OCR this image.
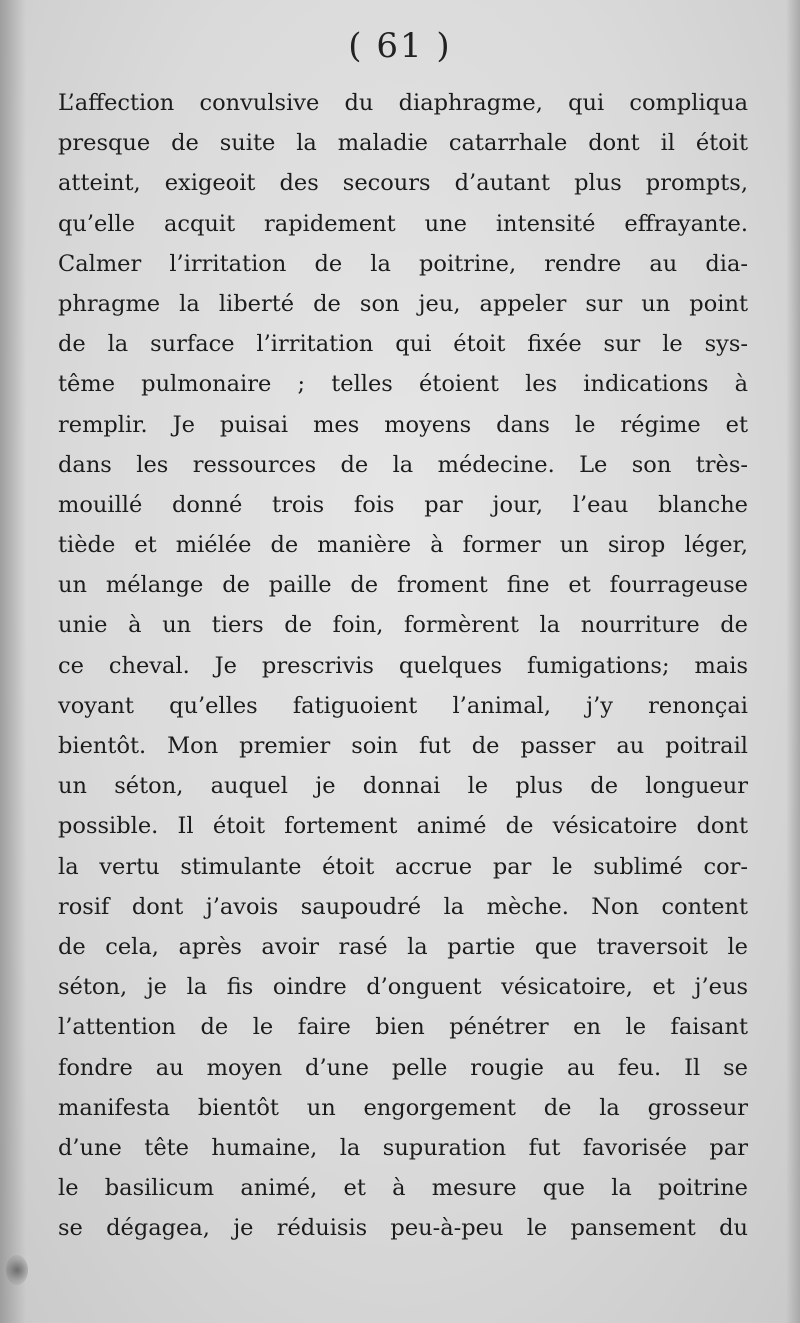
( 61 )
L’affection convulsive du diaphragme, qui compliqua
presque de suite la maladie catarrhale dont il étoit
atteint, exigeoit des secours d’autant plus prompts,
qu’elle acquit rapidement une intensité effrayante.
Calmer l’irritation de la poitrine, rendre au dia-
phragme la liberté de son jeu, appeler sur un point
de la surface l’irritation qui étoit fixée sur le sys-
tême pulmonaire ; telles étoient les indications à
remplir. Je puisai mes moyens dans le régime et
dans les ressources de la médecine. Le son très-
mouillé donné trois fois par jour, l’eau blanche
tiède et miélée de manière à former un sirop léger,
un mélange de paille de froment fine et fourrageuse
unie à un tiers de foin, formèrent la nourriture de
ce cheval. Je prescrivis quelques fumigations; mais
voyant qu’elles fatiguoient l’animal, j’y renonçai
bientôt. Mon premier soin fut de passer au poitrail
un séton, auquel je donnai le plus de longueur
possible. Il étoit fortement animé de vésicatoire dont
la vertu stimulante étoit accrue par le sublimé cor-
rosif dont j’avois saupoudré la mèche. Non content
de cela, après avoir rasé la partie que traversoit le
séton, je la fis oindre d’onguent vésicatoire, et j’eus
l’attention de le faire bien pénétrer en le faisant
fondre au moyen d’une pelle rougie au feu. Il se
manifesta bientôt un engorgement de la grosseur
d’une tête humaine, la supuration fut favorisée par
le basilicum animé, et à mesure que la poitrine
se dégagea, je réduisis peu-à-peu le pansement du
